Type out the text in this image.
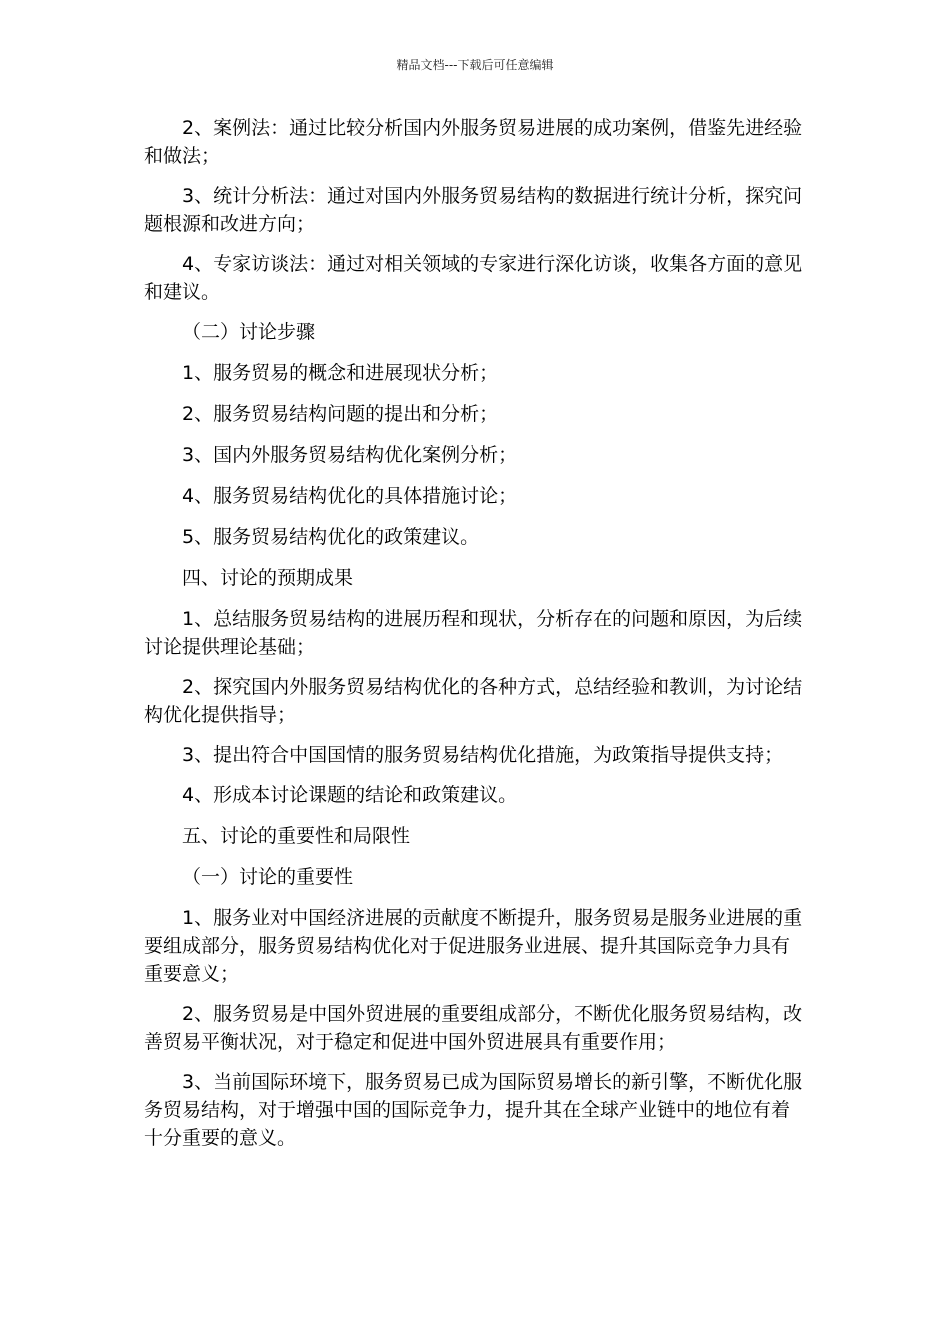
精品文档---下载后可任意编辑

2、案例法：通过比较分析国内外服务贸易进展的成功案例，借鉴先进经验和做法；

3、统计分析法：通过对国内外服务贸易结构的数据进行统计分析，探究问题根源和改进方向；

4、专家访谈法：通过对相关领域的专家进行深化访谈，收集各方面的意见和建议。

（二）讨论步骤

1、服务贸易的概念和进展现状分析；

2、服务贸易结构问题的提出和分析；

3、国内外服务贸易结构优化案例分析；

4、服务贸易结构优化的具体措施讨论；

5、服务贸易结构优化的政策建议。

四、讨论的预期成果

1、总结服务贸易结构的进展历程和现状，分析存在的问题和原因，为后续讨论提供理论基础；

2、探究国内外服务贸易结构优化的各种方式，总结经验和教训，为讨论结构优化提供指导；

3、提出符合中国国情的服务贸易结构优化措施，为政策指导提供支持；

4、形成本讨论课题的结论和政策建议。

五、讨论的重要性和局限性

（一）讨论的重要性

1、服务业对中国经济进展的贡献度不断提升，服务贸易是服务业进展的重要组成部分，服务贸易结构优化对于促进服务业进展、提升其国际竞争力具有重要意义；

2、服务贸易是中国外贸进展的重要组成部分，不断优化服务贸易结构，改善贸易平衡状况，对于稳定和促进中国外贸进展具有重要作用；

3、当前国际环境下，服务贸易已成为国际贸易增长的新引擎，不断优化服务贸易结构，对于增强中国的国际竞争力，提升其在全球产业链中的地位有着十分重要的意义。
